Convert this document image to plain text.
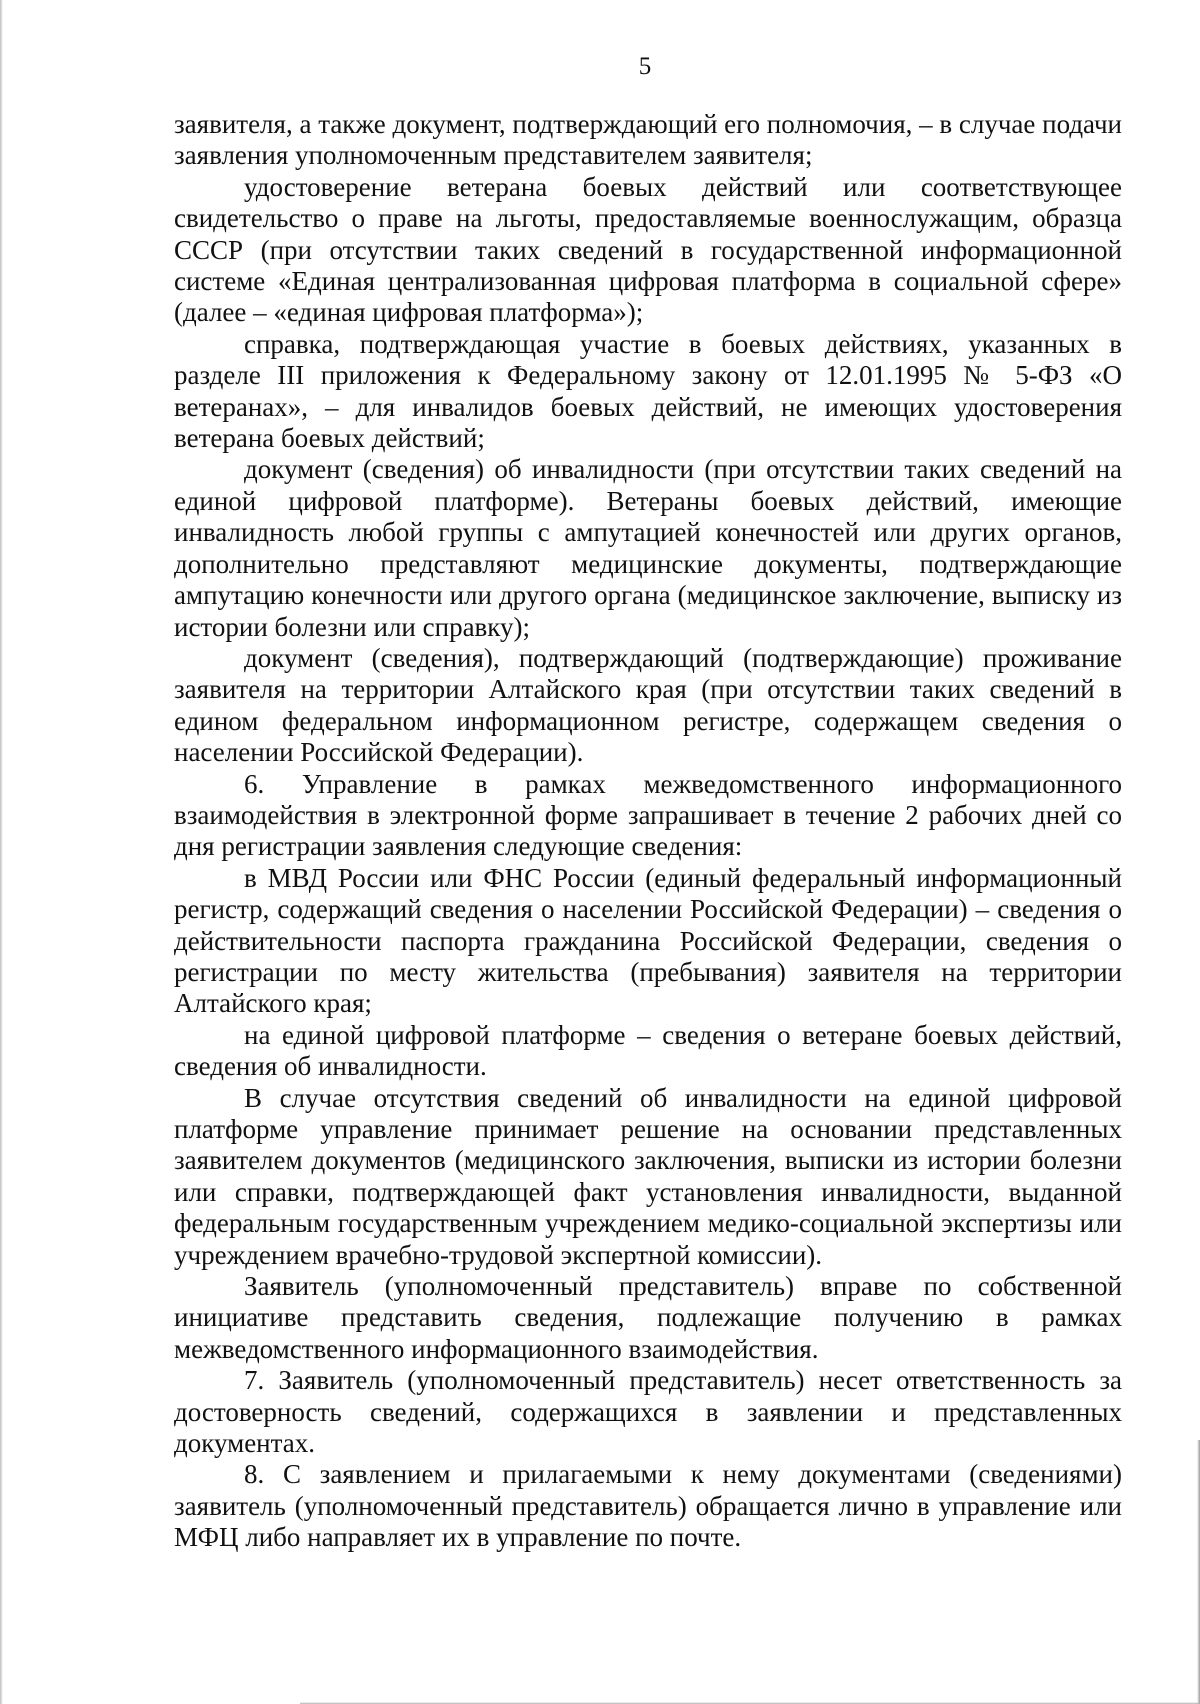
5

заявителя, а также документ, подтверждающий его полномочия, – в случае подачи заявления уполномоченным представителем заявителя;

удостоверение ветерана боевых действий или соответствующее свидетельство о праве на льготы, предоставляемые военнослужащим, образца СССР (при отсутствии таких сведений в государственной информационной системе «Единая централизованная цифровая платформа в социальной сфере» (далее – «единая цифровая платформа»);

справка, подтверждающая участие в боевых действиях, указанных в разделе III приложения к Федеральному закону от 12.01.1995 № 5-ФЗ «О ветеранах», – для инвалидов боевых действий, не имеющих удостоверения ветерана боевых действий;

документ (сведения) об инвалидности (при отсутствии таких сведений на единой цифровой платформе). Ветераны боевых действий, имеющие инвалидность любой группы с ампутацией конечностей или других органов, дополнительно представляют медицинские документы, подтверждающие ампутацию конечности или другого органа (медицинское заключение, выписку из истории болезни или справку);

документ (сведения), подтверждающий (подтверждающие) проживание заявителя на территории Алтайского края (при отсутствии таких сведений в едином федеральном информационном регистре, содержащем сведения о населении Российской Федерации).

6. Управление в рамках межведомственного информационного взаимодействия в электронной форме запрашивает в течение 2 рабочих дней со дня регистрации заявления следующие сведения:

в МВД России или ФНС России (единый федеральный информационный регистр, содержащий сведения о населении Российской Федерации) – сведения о действительности паспорта гражданина Российской Федерации, сведения о регистрации по месту жительства (пребывания) заявителя на территории Алтайского края;

на единой цифровой платформе – сведения о ветеране боевых действий, сведения об инвалидности.

В случае отсутствия сведений об инвалидности на единой цифровой платформе управление принимает решение на основании представленных заявителем документов (медицинского заключения, выписки из истории болезни или справки, подтверждающей факт установления инвалидности, выданной федеральным государственным учреждением медико-социальной экспертизы или учреждением врачебно-трудовой экспертной комиссии).

Заявитель (уполномоченный представитель) вправе по собственной инициативе представить сведения, подлежащие получению в рамках межведомственного информационного взаимодействия.

7. Заявитель (уполномоченный представитель) несет ответственность за достоверность сведений, содержащихся в заявлении и представленных документах.

8. С заявлением и прилагаемыми к нему документами (сведениями) заявитель (уполномоченный представитель) обращается лично в управление или МФЦ либо направляет их в управление по почте.
